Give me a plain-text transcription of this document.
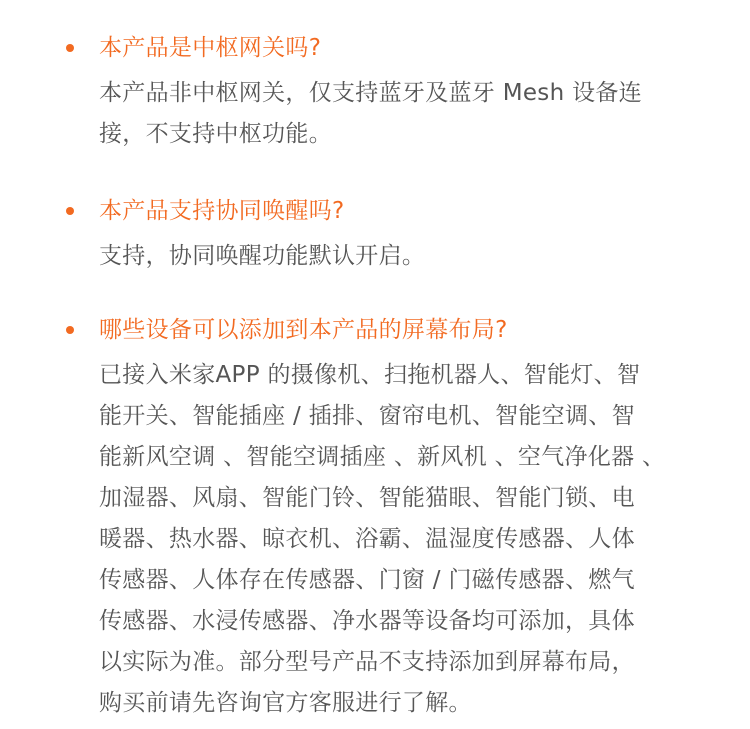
本产品是中枢网关吗?
本产品非中枢网关，仅支持蓝牙及蓝牙 Mesh 设备连
接，不支持中枢功能。
本产品支持协同唤醒吗?
支持，协同唤醒功能默认开启。
哪些设备可以添加到本产品的屏幕布局?
已接入米家APP 的摄像机、扫拖机器人、智能灯、智
能开关、智能插座 / 插排、窗帘电机、智能空调、智
能新风空调 、智能空调插座 、新风机 、空气净化器 、
加湿器、风扇、智能门铃、智能猫眼、智能门锁、电
暖器、热水器、晾衣机、浴霸、温湿度传感器、人体
传感器、人体存在传感器、门窗 / 门磁传感器、燃气
传感器、水浸传感器、净水器等设备均可添加，具体
以实际为准。部分型号产品不支持添加到屏幕布局，
购买前请先咨询官方客服进行了解。
